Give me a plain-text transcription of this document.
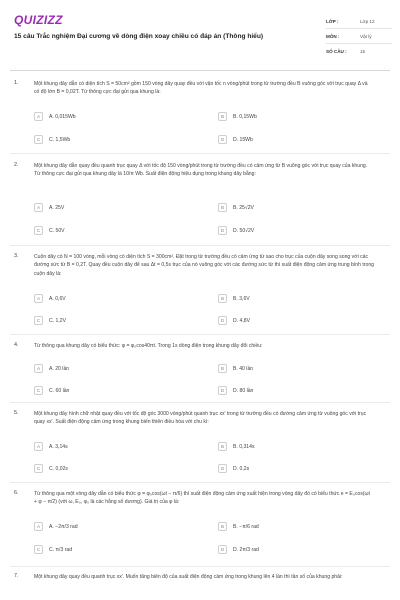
QUIZIZZ
15 câu Trắc nghiệm Đại cương về dòng điện xoay chiều có đáp án (Thông hiểu)
LỚP :	Lớp 12
MÔN :	Vật lý
SỐ CÂU :	15
1.	Một khung dây dẫn có diện tích S = 50cm² gồm 150 vòng dây quay đều với vận tốc n vòng/phút trong từ trường đều B vuông góc với trục quay Δ và có độ lớn B = 0,02T. Từ thông cực đại gửi qua khung là:
A	A. 0,015Wb	B	B. 0,15Wb
C	C. 1,5Wb	D	D. 15Wb
2.	Một khung dây dẫn quay đều quanh trục quay Δ với tốc độ 150 vòng/phút trong từ trường đều có cảm ứng từ B vuông góc với trục quay của khung. Từ thông cực đại gửi qua khung dây là 10/π Wb. Suất điện động hiệu dụng trong khung dây bằng:
A	A. 25V	B	B. 25√2V
C	C. 50V	D	D. 50√2V
3.	Cuộn dây có N = 100 vòng, mỗi vòng có diện tích S = 300cm². Đặt trong từ trường đều có cảm ứng từ sao cho trục của cuộn dây song song với các đường sức từ B = 0,2T. Quay đều cuộn dây để sau Δt = 0,5s trục của nó vuông góc với các đường sức từ thì suất điện động cảm ứng trung bình trong cuộn dây là:
A	A. 0,6V	B	B. 3,6V
C	C. 1,2V	D	D. 4,8V
4.	Từ thông qua khung dây có biểu thức: φ = φ₀cos40πt. Trong 1s dòng điện trong khung dây đổi chiều:
A	A. 20 lần	B	B. 40 lần
C	C. 60 lần	D	D. 80 lần
5.	Một khung dây hình chữ nhật quay đều với tốc độ góc 3000 vòng/phút quanh trục xx' trong từ trường đều có đường cảm ứng từ vuông góc với trục quay xx'. Suất điện động cảm ứng trong khung biến thiên điều hòa với chu kì:
A	A. 3,14s	B	B. 0,314s
C	C. 0,02s	D	D. 0,2s
6.	Từ thông qua một vòng dây dẫn có biểu thức φ = φ₀cos(ωt − π/6) thì suất điện động cảm ứng xuất hiện trong vòng dây đó có biểu thức e = E₀cos(ωt + φ − π/2) (với ω, E₀, φ₀ là các hằng số dương). Giá trị của φ là:
A	A. −2π/3 rad	B	B. −π/6 rad
C	C. π/3 rad	D	D. 2π/3 rad
7.	Một khung dây quay đều quanh trục xx'. Muốn tăng biên độ của suất điện động cảm ứng trong khung lên 4 lần thì tần số của khung phải:
